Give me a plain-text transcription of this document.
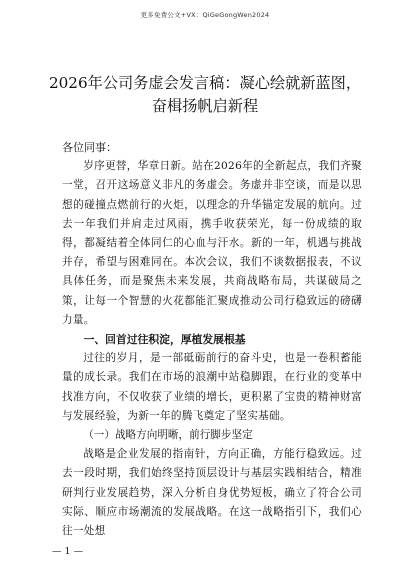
更多免费公文+VX：QiGeGongWen2024
2026年公司务虚会发言稿：凝心绘就新蓝图，奋楫扬帆启新程
各位同事：

岁序更替，华章日新。站在2026年的全新起点，我们齐聚一堂，召开这场意义非凡的务虚会。务虚并非空谈，而是以思想的碰撞点燃前行的火炬，以理念的升华锚定发展的航向。过去一年我们并肩走过风雨，携手收获荣光，每一份成绩的取得，都凝结着全体同仁的心血与汗水。新的一年，机遇与挑战并存，希望与困难同在。本次会议，我们不谈数据报表，不议具体任务，而是聚焦未来发展，共商战略布局，共谋破局之策，让每一个智慧的火花都能汇聚成推动公司行稳致远的磅礴力量。

一、回首过往积淀，厚植发展根基

过往的岁月，是一部砥砺前行的奋斗史，也是一卷积蓄能量的成长录。我们在市场的浪潮中站稳脚跟，在行业的变革中找准方向，不仅收获了业绩的增长，更积累了宝贵的精神财富与发展经验，为新一年的腾飞奠定了坚实基础。

（一）战略方向明晰，前行脚步坚定

战略是企业发展的指南针，方向正确，方能行稳致远。过去一段时期，我们始终坚持顶层设计与基层实践相结合，精准研判行业发展趋势，深入分析自身优势短板，确立了符合公司实际、顺应市场潮流的发展战略。在这一战略指引下，我们心往一处想

— 1 —
